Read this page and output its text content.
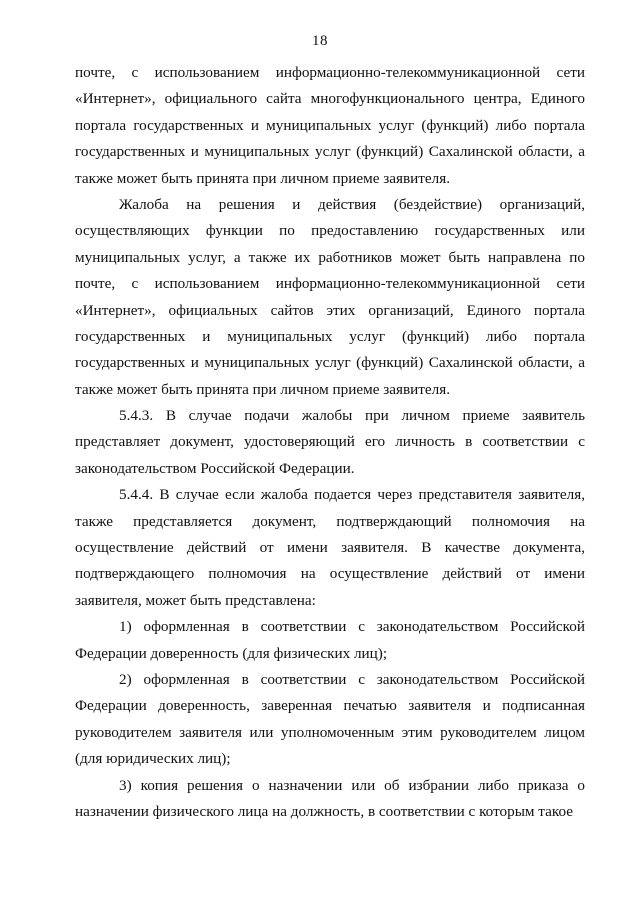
18
почте, с использованием информационно-телекоммуникационной сети
«Интернет», официального сайта многофункционального центра, Единого
портала государственных и муниципальных услуг (функций) либо портала
государственных и муниципальных услуг (функций) Сахалинской области, а
также может быть принята при личном приеме заявителя.
Жалоба на решения и действия (бездействие) организаций,
осуществляющих функции по предоставлению государственных или
муниципальных услуг, а также их работников может быть направлена по
почте, с использованием информационно-телекоммуникационной сети
«Интернет», официальных сайтов этих организаций, Единого портала
государственных и муниципальных услуг (функций) либо портала
государственных и муниципальных услуг (функций) Сахалинской области, а
также может быть принята при личном приеме заявителя.
5.4.3. В случае подачи жалобы при личном приеме заявитель
представляет документ, удостоверяющий его личность в соответствии с
законодательством Российской Федерации.
5.4.4. В случае если жалоба подается через представителя заявителя,
также представляется документ, подтверждающий полномочия на
осуществление действий от имени заявителя. В качестве документа,
подтверждающего полномочия на осуществление действий от имени
заявителя, может быть представлена:
1) оформленная в соответствии с законодательством Российской
Федерации доверенность (для физических лиц);
2) оформленная в соответствии с законодательством Российской
Федерации доверенность, заверенная печатью заявителя и подписанная
руководителем заявителя или уполномоченным этим руководителем лицом
(для юридических лиц);
3) копия решения о назначении или об избрании либо приказа о
назначении физического лица на должность, в соответствии с которым такое
